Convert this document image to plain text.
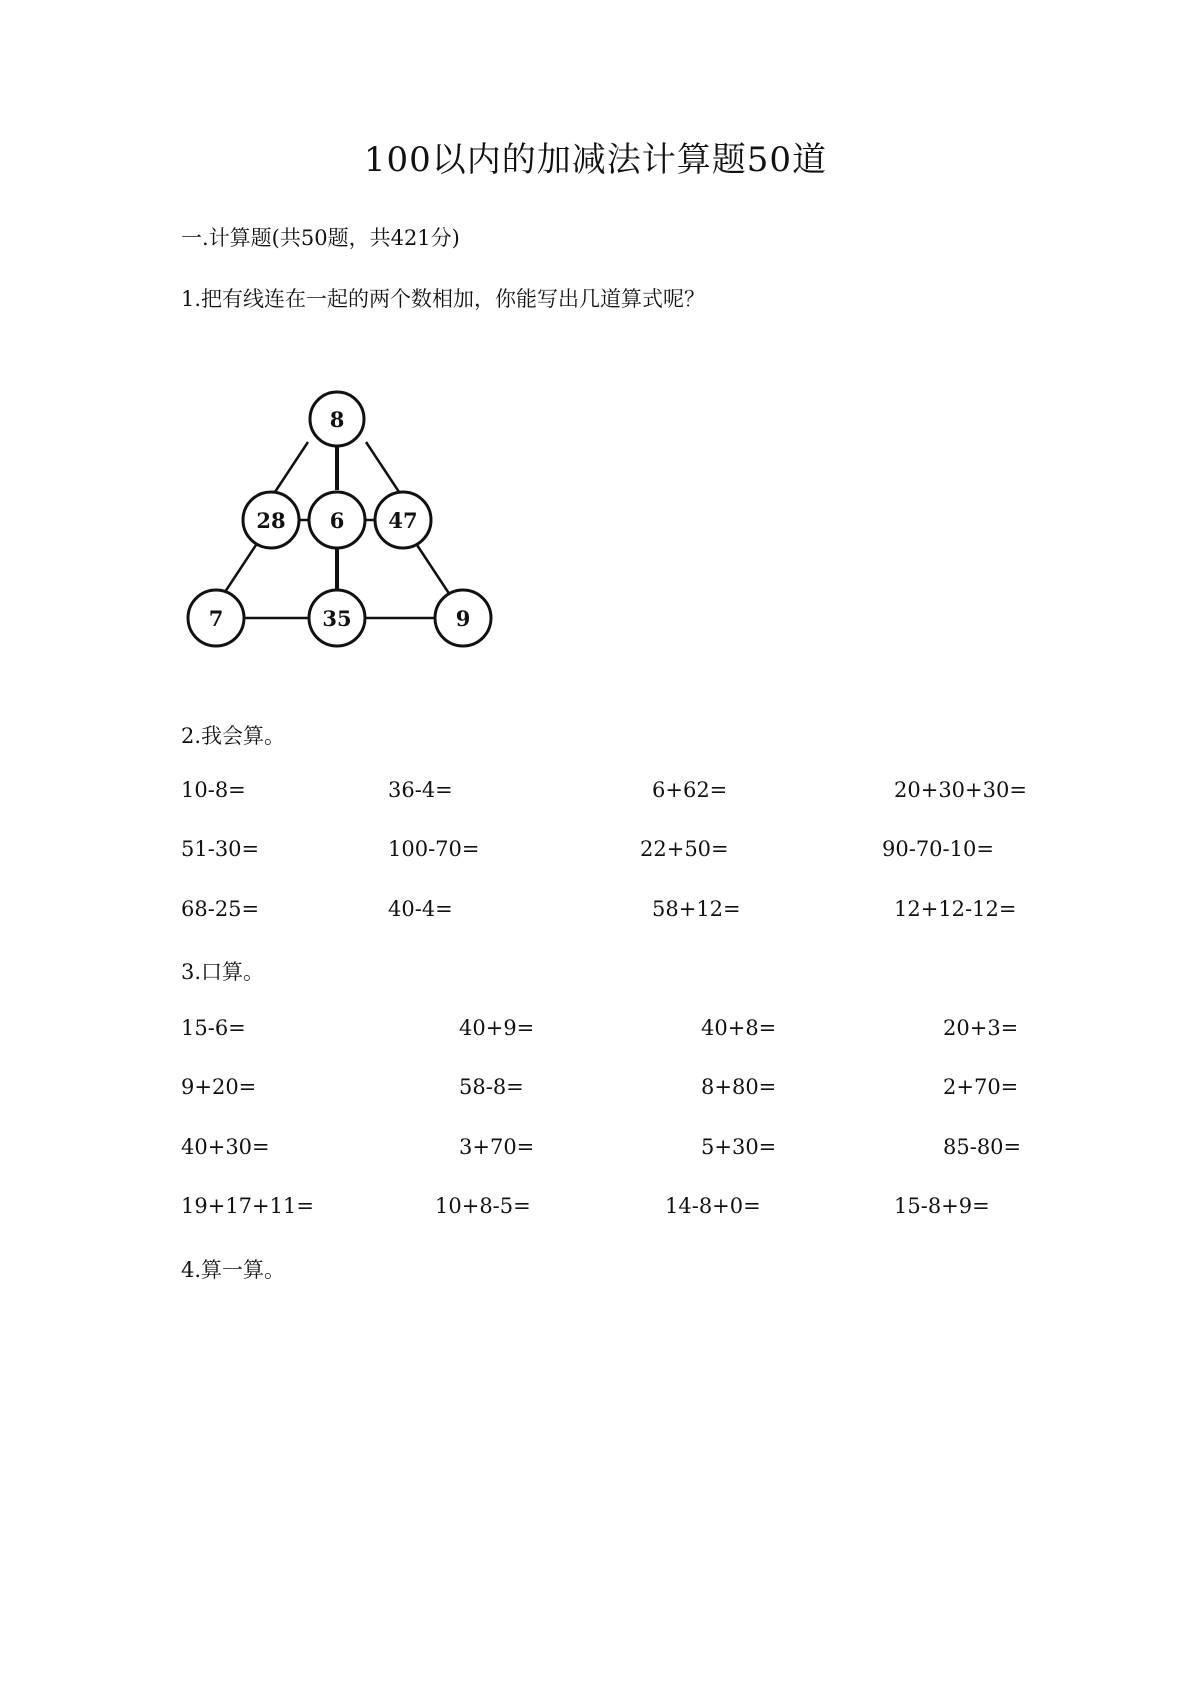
100以内的加减法计算题50道
一.计算题(共50题，共421分)
1.把有线连在一起的两个数相加，你能写出几道算式呢？
8
28 6 47
7	35	9
2.我会算。
10-8=	36-4=	6+62=	20+30+30=
51-30=	100-70=	22+50=	90-70-10=
68-25=	40-4=	58+12=	12+12-12=
3.口算。
15-6=	40+9=	40+8=	20+3=
9+20=	58-8=	8+80=	2+70=
40+30=	3+70=	5+30=	85-80=
19+17+11=	10+8-5=	14-8+0=	15-8+9=
4.算一算。
